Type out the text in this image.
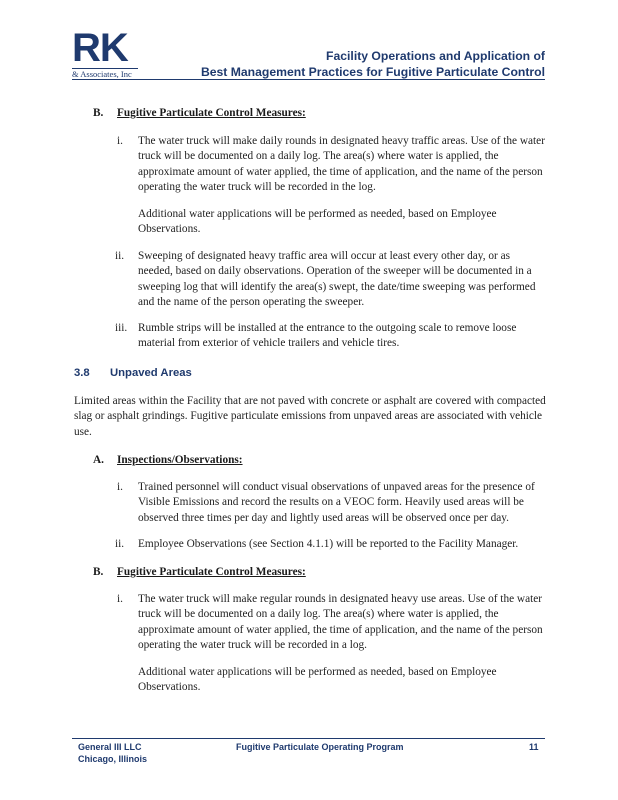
RK
& Associates, Inc
Facility Operations and Application of
Best Management Practices for Fugitive Particulate Control
B. Fugitive Particulate Control Measures:
i. The water truck will make daily rounds in designated heavy traffic areas. Use of the water truck will be documented on a daily log. The area(s) where water is applied, the approximate amount of water applied, the time of application, and the name of the person operating the water truck will be recorded in the log.
Additional water applications will be performed as needed, based on Employee Observations.
ii. Sweeping of designated heavy traffic area will occur at least every other day, or as needed, based on daily observations. Operation of the sweeper will be documented in a sweeping log that will identify the area(s) swept, the date/time sweeping was performed and the name of the person operating the sweeper.
iii. Rumble strips will be installed at the entrance to the outgoing scale to remove loose material from exterior of vehicle trailers and vehicle tires.
3.8 Unpaved Areas
Limited areas within the Facility that are not paved with concrete or asphalt are covered with compacted slag or asphalt grindings. Fugitive particulate emissions from unpaved areas are associated with vehicle use.
A. Inspections/Observations:
i. Trained personnel will conduct visual observations of unpaved areas for the presence of Visible Emissions and record the results on a VEOC form. Heavily used areas will be observed three times per day and lightly used areas will be observed once per day.
ii. Employee Observations (see Section 4.1.1) will be reported to the Facility Manager.
B. Fugitive Particulate Control Measures:
i. The water truck will make regular rounds in designated heavy use areas. Use of the water truck will be documented on a daily log. The area(s) where water is applied, the approximate amount of water applied, the time of application, and the name of the person operating the water truck will be recorded in a log.
Additional water applications will be performed as needed, based on Employee Observations.
General III LLC
Chicago, Illinois
Fugitive Particulate Operating Program	11
